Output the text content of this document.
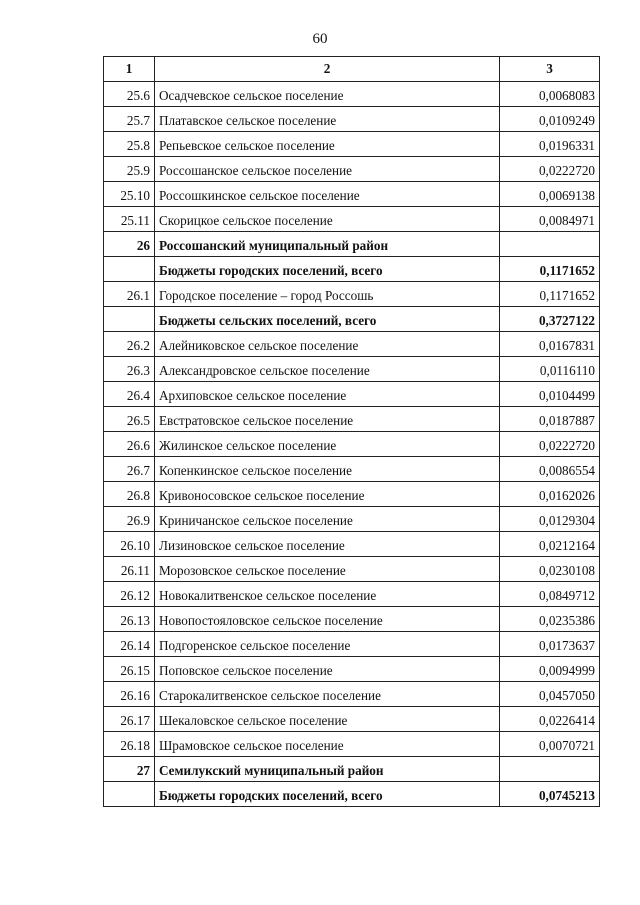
60
1	2	3
25.6	Осадчевское сельское поселение	0,0068083
25.7	Платавское сельское поселение	0,0109249
25.8	Репьевское сельское поселение	0,0196331
25.9	Россошанское сельское поселение	0,0222720
25.10	Россошкинское сельское поселение	0,0069138
25.11	Скорицкое сельское поселение	0,0084971
26	Россошанский муниципальный район	
	Бюджеты городских поселений, всего	0,1171652
26.1	Городское поселение – город Россошь	0,1171652
	Бюджеты сельских поселений, всего	0,3727122
26.2	Алейниковское сельское поселение	0,0167831
26.3	Александровское сельское поселение	0,0116110
26.4	Архиповское сельское поселение	0,0104499
26.5	Евстратовское сельское поселение	0,0187887
26.6	Жилинское сельское поселение	0,0222720
26.7	Копенкинское сельское поселение	0,0086554
26.8	Кривоносовское сельское поселение	0,0162026
26.9	Криничанское сельское поселение	0,0129304
26.10	Лизиновское сельское поселение	0,0212164
26.11	Морозовское сельское поселение	0,0230108
26.12	Новокалитвенское сельское поселение	0,0849712
26.13	Новопостояловское сельское поселение	0,0235386
26.14	Подгоренское сельское поселение	0,0173637
26.15	Поповское сельское поселение	0,0094999
26.16	Старокалитвенское сельское поселение	0,0457050
26.17	Шекаловское сельское поселение	0,0226414
26.18	Шрамовское сельское поселение	0,0070721
27	Семилукский муниципальный район	
	Бюджеты городских поселений, всего	0,0745213
